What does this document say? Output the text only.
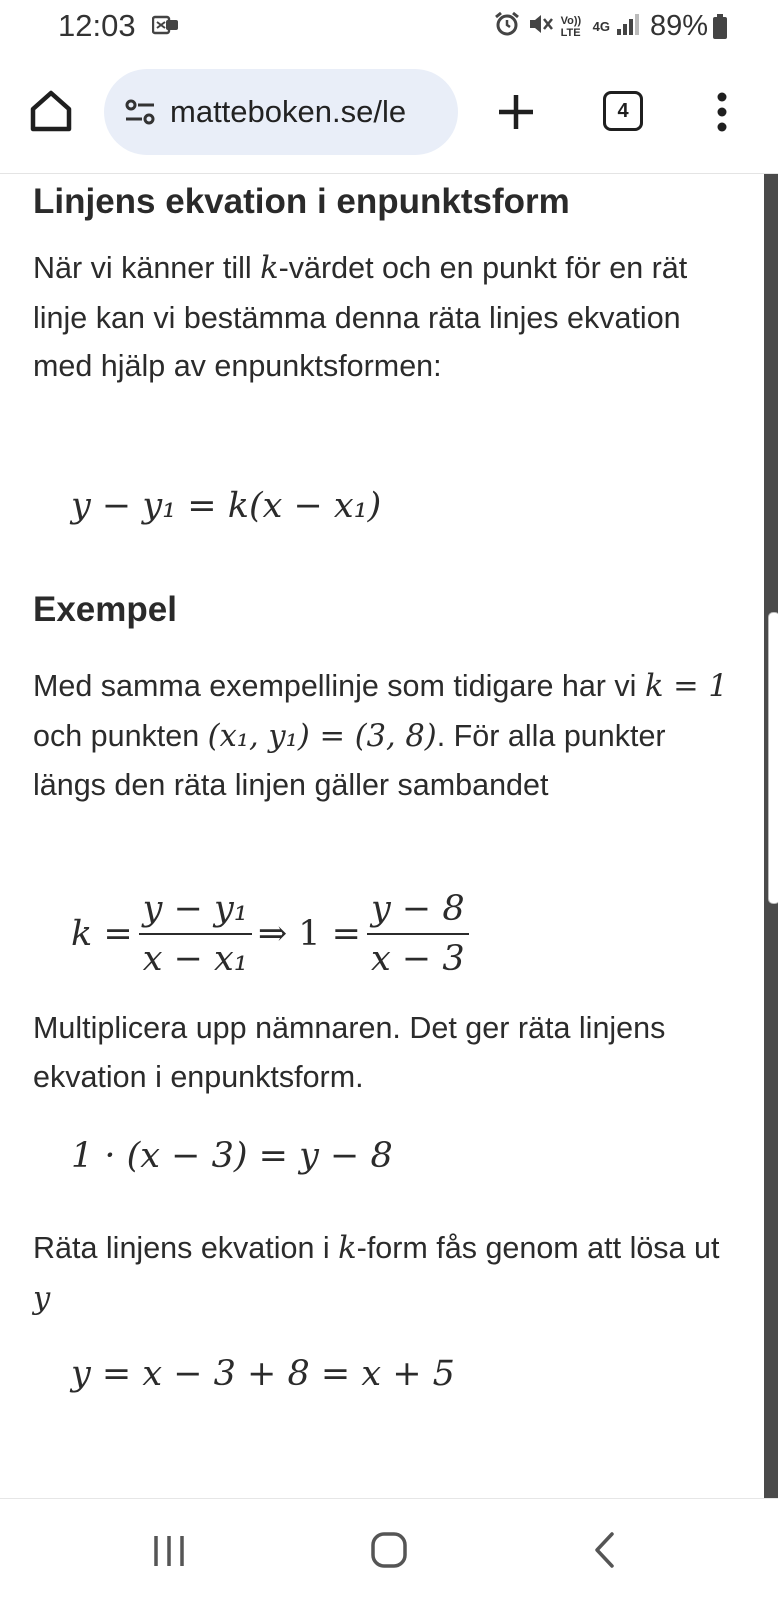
12:03	Vo)) LTE 4G 89%
matteboken.se/le	4
Linjens ekvation i enpunktsform

När vi känner till k-värdet och en punkt för en rät linje kan vi bestämma denna räta linjes ekvation med hjälp av enpunktsformen:

y − y₁ = k(x − x₁)
Exempel

Med samma exempellinje som tidigare har vi k = 1 och punkten (x₁, y₁) = (3, 8). För alla punkter längs den räta linjen gäller sambandet

$k = \frac{\text{y − y₁}}{\text{x − x₁}}$ ⇒ $1 = \frac{y - 8}{x - 3}$

Multiplicera upp nämnaren. Det ger räta linjens ekvation i enpunktsform.

1 · (x − 3) = y − 8

Räta linjens ekvation i k-form fås genom att lösa ut y

y = x − 3 + 8 = x + 5
